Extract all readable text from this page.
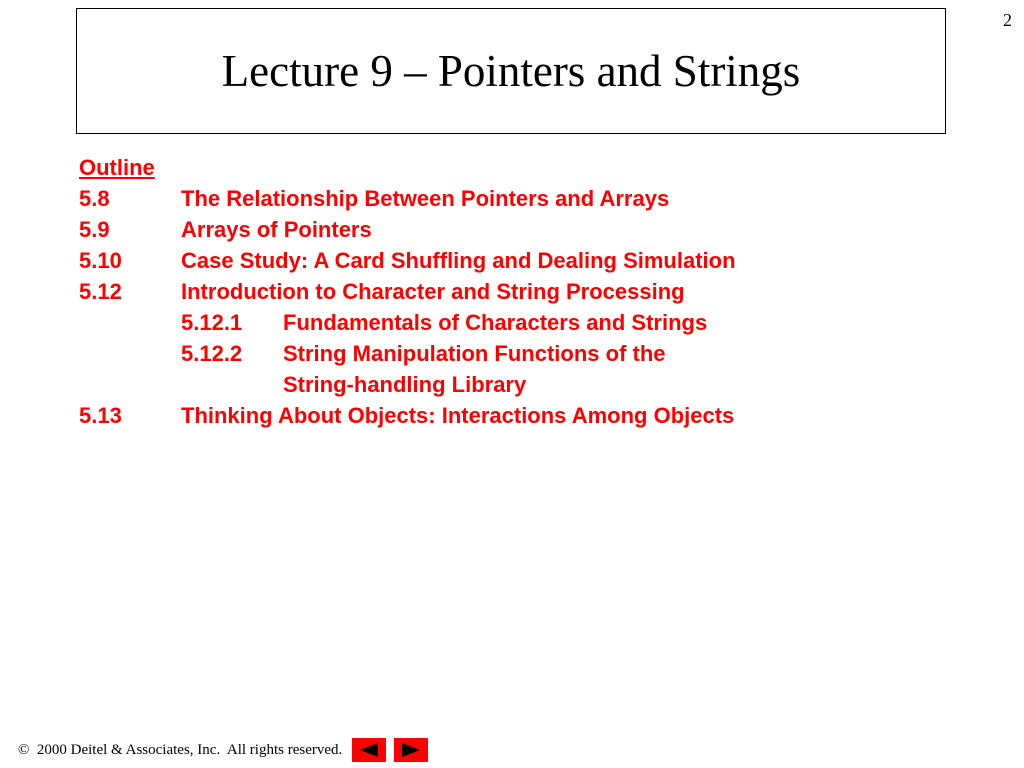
2
Lecture 9 – Pointers and Strings
Outline
5.8	The Relationship Between Pointers and Arrays
5.9	Arrays of Pointers
5.10	Case Study: A Card Shuffling and Dealing Simulation
5.12	Introduction to Character and String Processing
5.12.1	Fundamentals of Characters and Strings
5.12.2	String Manipulation Functions of the
String-handling Library
5.13	Thinking About Objects: Interactions Among Objects
©  2000 Deitel & Associates, Inc.  All rights reserved.
